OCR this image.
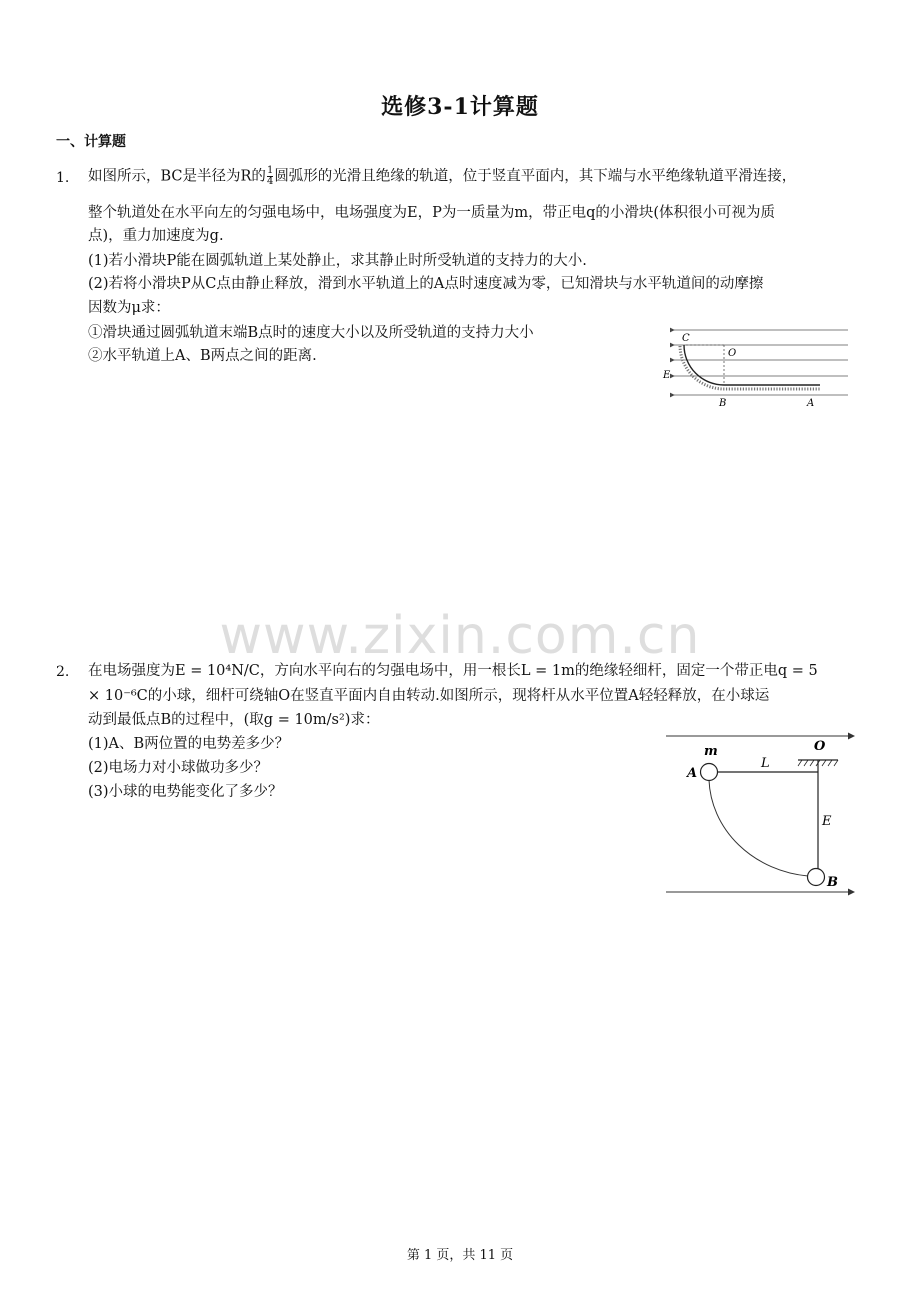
选修3-1计算题
一、计算题
1. 如图所示，BC是半径为R的 $\frac{1}{4}$ 圆弧形的光滑且绝缘的轨道，位于竖直平面内，其下端与水平绝缘轨道平滑连接，
整个轨道处在水平向左的匀强电场中，电场强度为E，P为一质量为m，带正电q的小滑块(体积很小可视为质
点)，重力加速度为g.
(1)若小滑块P能在圆弧轨道上某处静止，求其静止时所受轨道的支持力的大小.
(2)若将小滑块P从C点由静止释放，滑到水平轨道上的A点时速度减为零，已知滑块与水平轨道间的动摩擦
因数为μ求：
①滑块通过圆弧轨道末端B点时的速度大小以及所受轨道的支持力大小
②水平轨道上A、B两点之间的距离.
C
O
E
B	A
www.zixin.com.cn
2. 在电场强度为E = 10⁴N/C，方向水平向右的匀强电场中，用一根长L = 1m的绝缘轻细杆，固定一个带正电q = 5
× 10⁻⁶C的小球，细杆可绕轴O在竖直平面内自由转动.如图所示，现将杆从水平位置A轻轻释放，在小球运
动到最低点B的过程中，(取g = 10m/s²)求：
(1)A、B两位置的电势差多少？
(2)电场力对小球做功多少？
(3)小球的电势能变化了多少？
m	O
A
L
E
B
第 1 页，共 11 页
